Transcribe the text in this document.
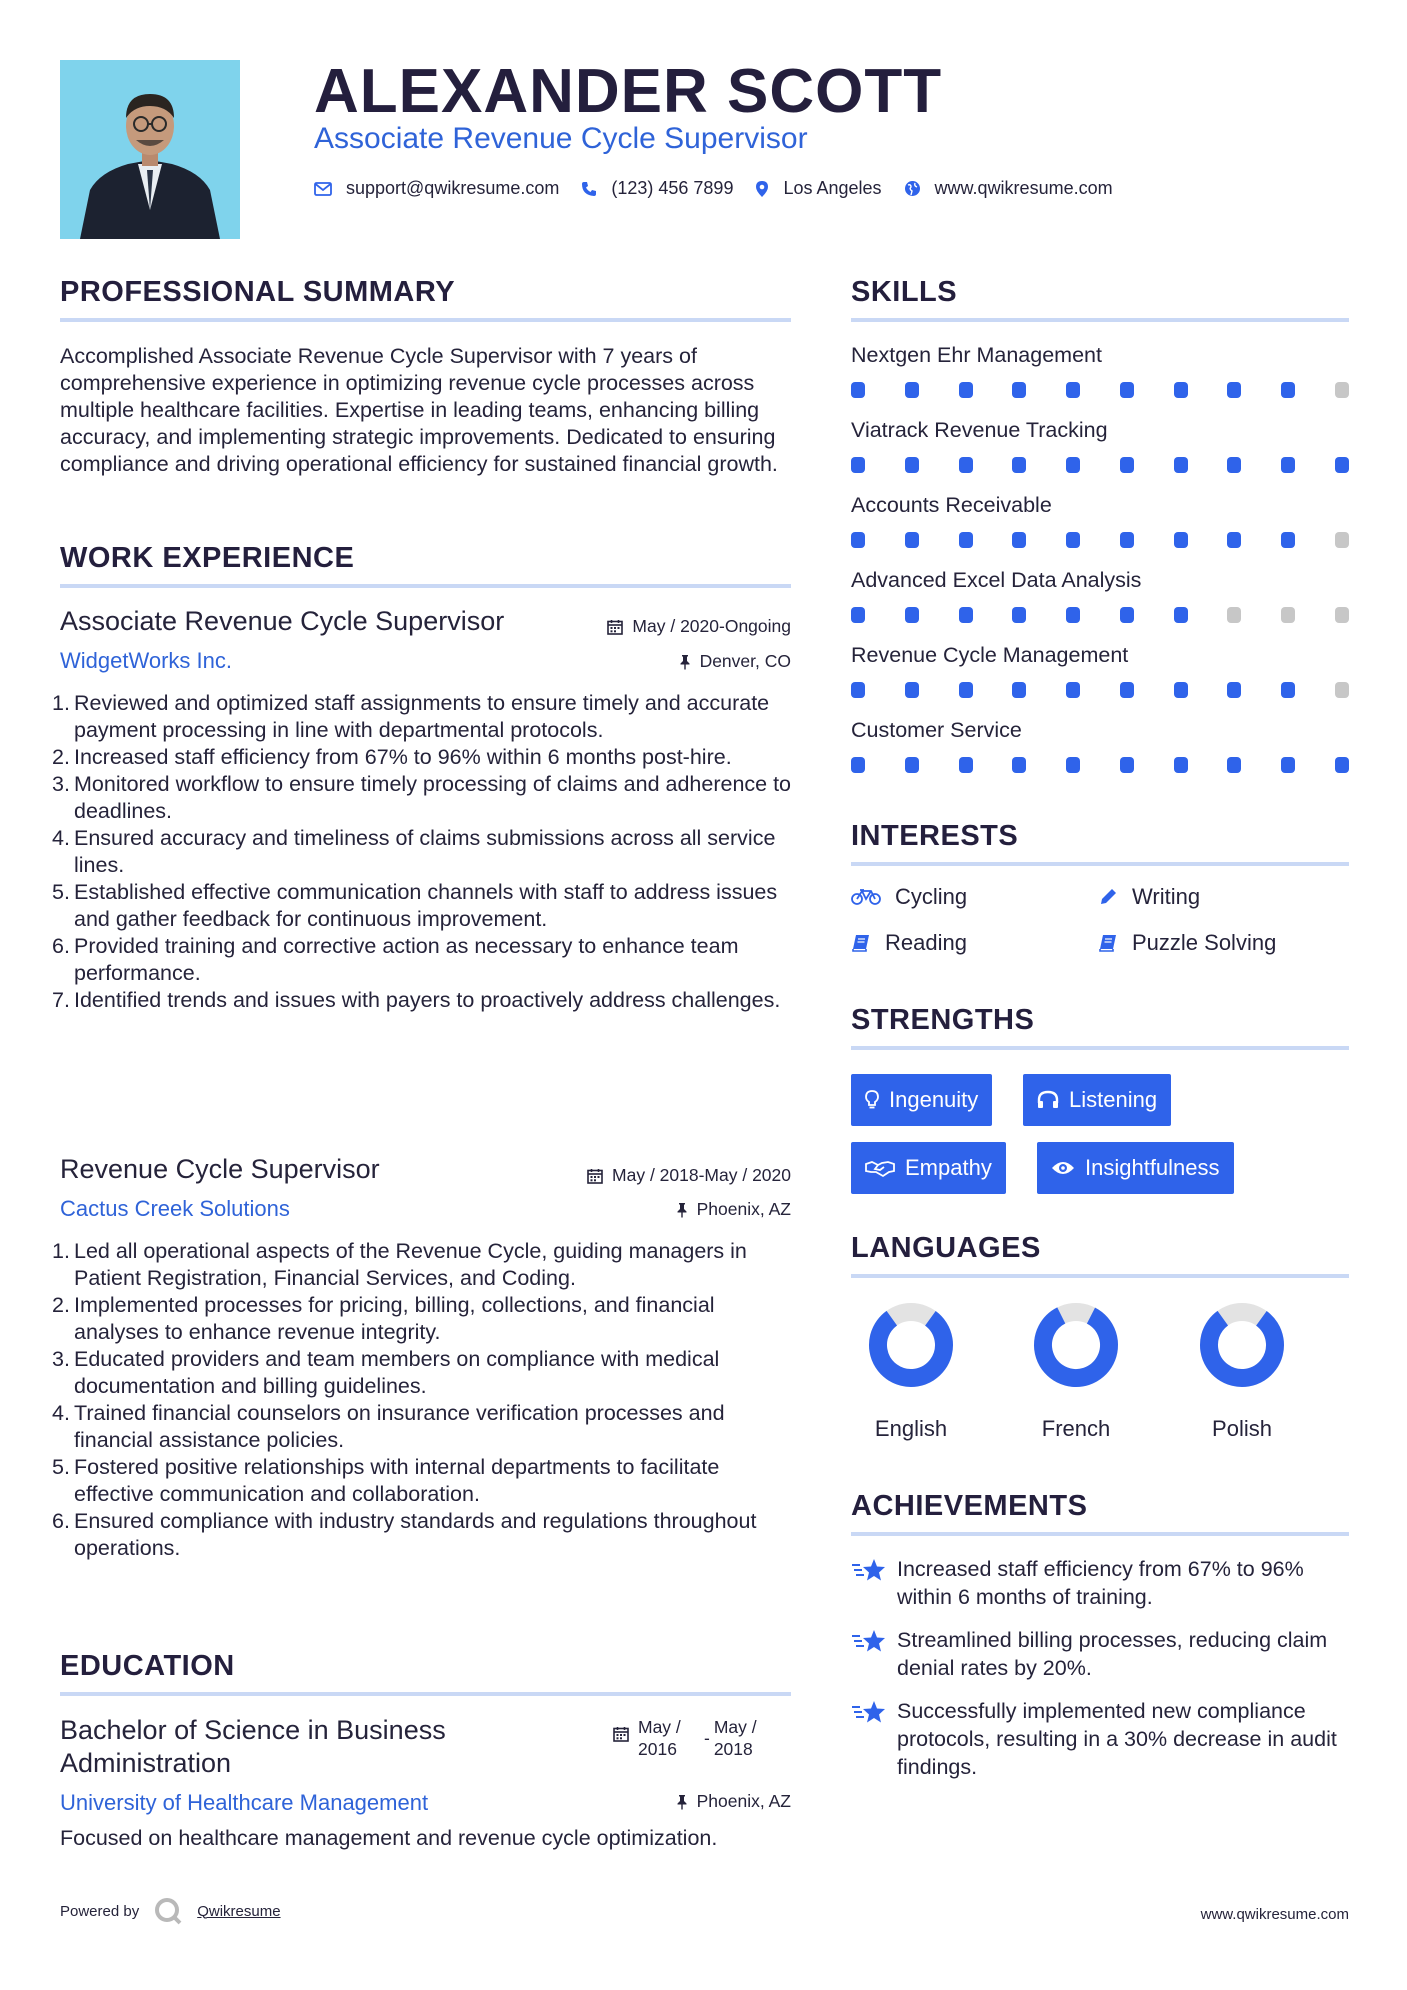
ALEXANDER SCOTT
Associate Revenue Cycle Supervisor
support@qwikresume.com	(123) 456 7899	Los Angeles	www.qwikresume.com
PROFESSIONAL SUMMARY
Accomplished Associate Revenue Cycle Supervisor with 7 years of comprehensive experience in optimizing revenue cycle processes across multiple healthcare facilities. Expertise in leading teams, enhancing billing accuracy, and implementing strategic improvements. Dedicated to ensuring compliance and driving operational efficiency for sustained financial growth.
WORK EXPERIENCE
Associate Revenue Cycle Supervisor	May / 2020-Ongoing
WidgetWorks Inc.	Denver, CO
1 . Reviewed and optimized staff assignments to ensure timely and accurate payment processing in line with departmental protocols.
2 . Increased staff efficiency from 67% to 96% within 6 months post-hire.
3 . Monitored workflow to ensure timely processing of claims and adherence to deadlines.
4 . Ensured accuracy and timeliness of claims submissions across all service lines.
5 . Established effective communication channels with staff to address issues and gather feedback for continuous improvement.
6 . Provided training and corrective action as necessary to enhance team performance.
7 . Identified trends and issues with payers to proactively address challenges.
Revenue Cycle Supervisor	May / 2018-May / 2020
Cactus Creek Solutions	Phoenix, AZ
1 . Led all operational aspects of the Revenue Cycle, guiding managers in Patient Registration, Financial Services, and Coding.
2 . Implemented processes for pricing, billing, collections, and financial analyses to enhance revenue integrity.
3 . Educated providers and team members on compliance with medical documentation and billing guidelines.
4 . Trained financial counselors on insurance verification processes and financial assistance policies.
5 . Fostered positive relationships with internal departments to facilitate effective communication and collaboration.
6 . Ensured compliance with industry standards and regulations throughout operations.
EDUCATION
Bachelor of Science in Business Administration
May / 2016
-
May / 2018
University of Healthcare Management	Phoenix, AZ
Focused on healthcare management and revenue cycle optimization.
SKILLS
Nextgen Ehr Management
Viatrack Revenue Tracking
Accounts Receivable
Advanced Excel Data Analysis
Revenue Cycle Management
Customer Service
INTERESTS
Cycling	Writing
Reading	Puzzle Solving
STRENGTHS
Ingenuity	Listening
Empathy	Insightfulness
LANGUAGES
English	French	Polish
ACHIEVEMENTS
Increased staff efficiency from 67% to 96% within 6 months of training.
Streamlined billing processes, reducing claim denial rates by 20%.
Successfully implemented new compliance protocols, resulting in a 30% decrease in audit findings.
Powered by	Qwikresume	www.qwikresume.com
